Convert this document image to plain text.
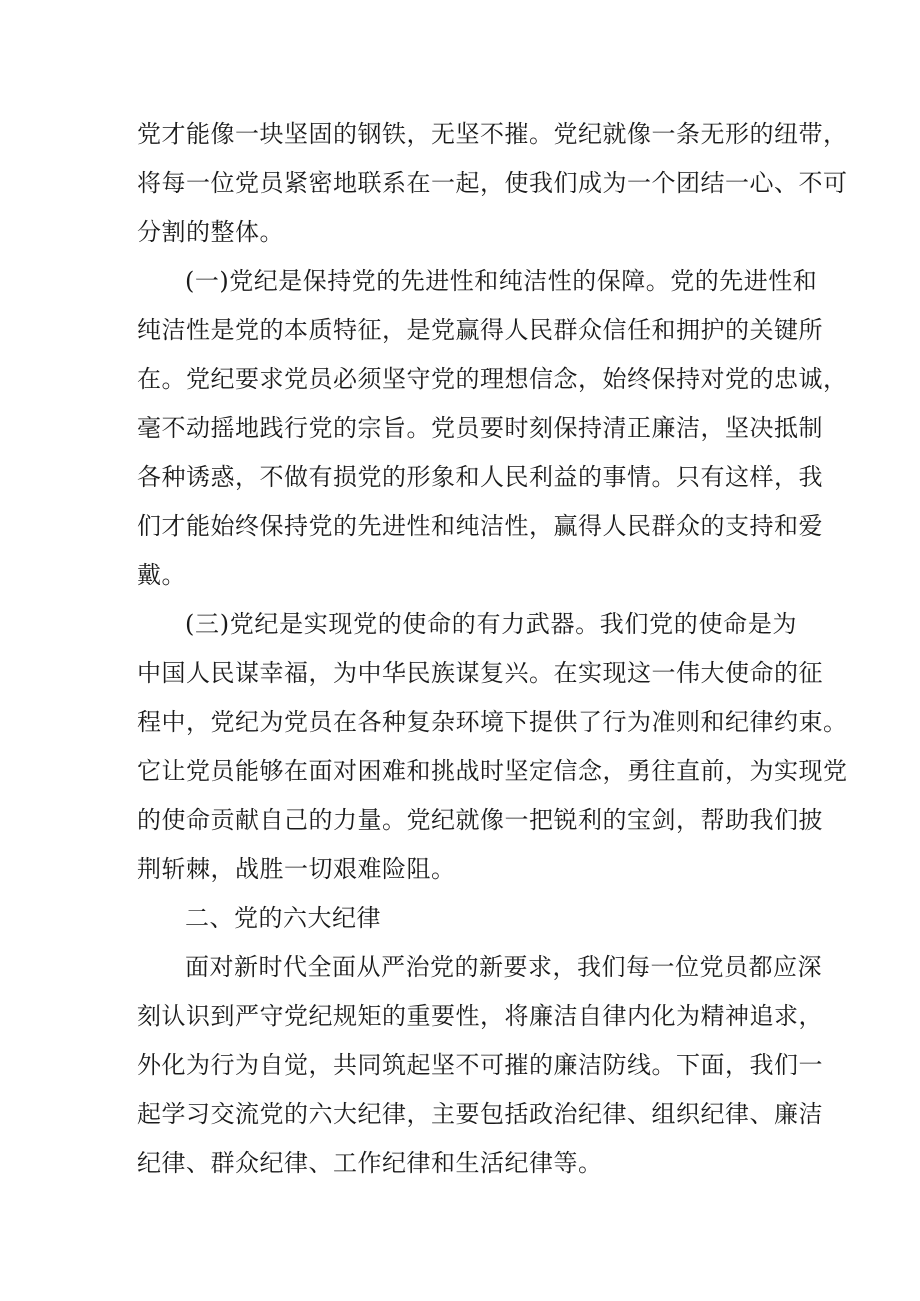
党才能像一块坚固的钢铁，无坚不摧。党纪就像一条无形的纽带，
将每一位党员紧密地联系在一起，使我们成为一个团结一心、不可
分割的整体。
(一)党纪是保持党的先进性和纯洁性的保障。党的先进性和
纯洁性是党的本质特征，是党赢得人民群众信任和拥护的关键所
在。党纪要求党员必须坚守党的理想信念，始终保持对党的忠诚，
毫不动摇地践行党的宗旨。党员要时刻保持清正廉洁，坚决抵制
各种诱惑，不做有损党的形象和人民利益的事情。只有这样，我
们才能始终保持党的先进性和纯洁性，赢得人民群众的支持和爱
戴。
(三)党纪是实现党的使命的有力武器。我们党的使命是为
中国人民谋幸福，为中华民族谋复兴。在实现这一伟大使命的征
程中，党纪为党员在各种复杂环境下提供了行为准则和纪律约束。
它让党员能够在面对困难和挑战时坚定信念，勇往直前，为实现党
的使命贡献自己的力量。党纪就像一把锐利的宝剑，帮助我们披
荆斩棘，战胜一切艰难险阻。
二、党的六大纪律
面对新时代全面从严治党的新要求，我们每一位党员都应深
刻认识到严守党纪规矩的重要性，将廉洁自律内化为精神追求，
外化为行为自觉，共同筑起坚不可摧的廉洁防线。下面，我们一
起学习交流党的六大纪律，主要包括政治纪律、组织纪律、廉洁
纪律、群众纪律、工作纪律和生活纪律等。
